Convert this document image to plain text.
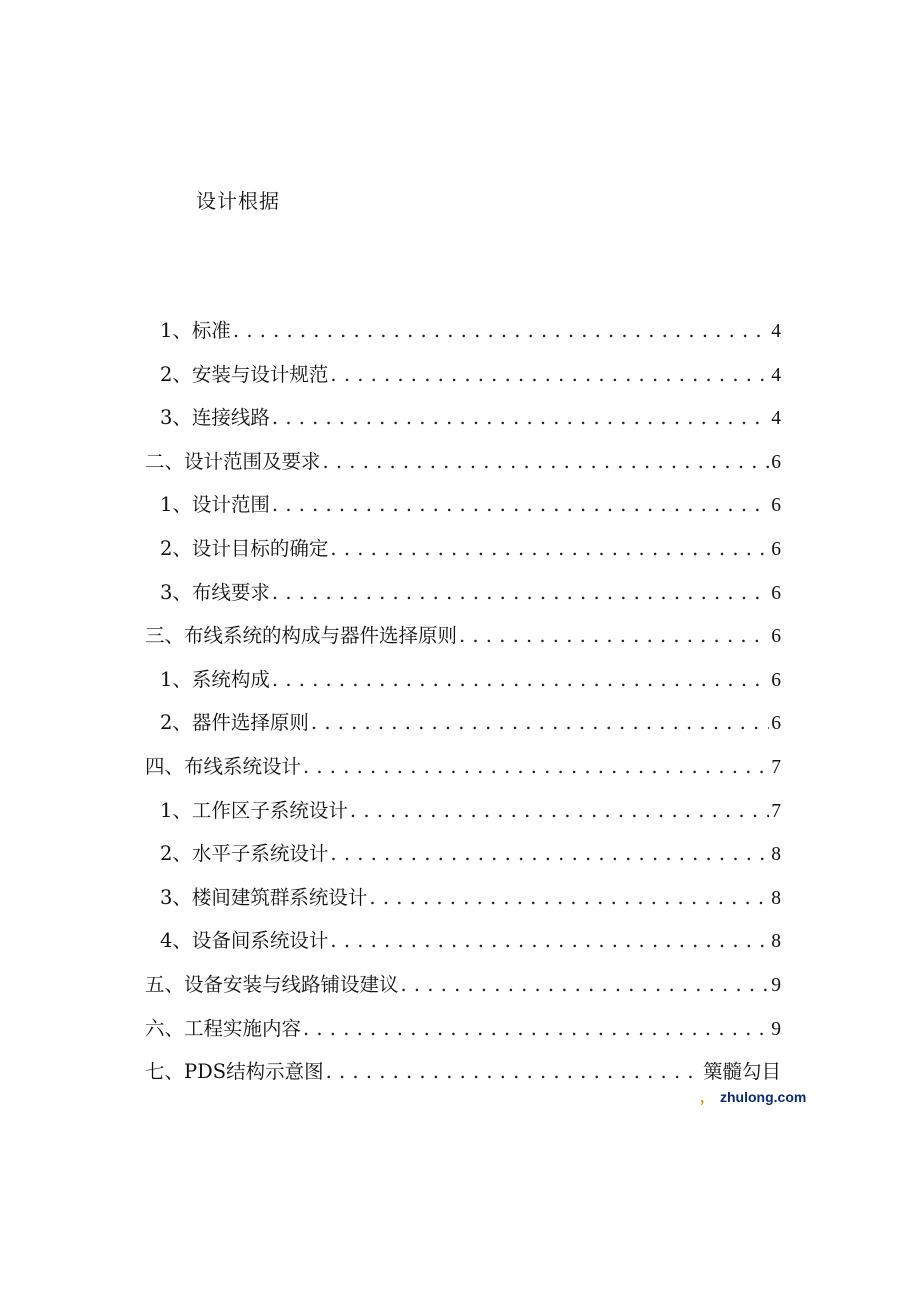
设计根据
1、标准 . . .	4
2、安装与设计规范 . . .	4
3、连接线路 . . .	4
二、设计范围及要求 . . .	6
1、设计范围 . . .	6
2、设计目标的确定 . . .	6
3、布线要求 . . .	6
三、布线系统的构成与器件选择原则 . . .	6
1、系统构成 . . .	6
2、器件选择原则 . . .	6
四、布线系统设计 . . .	7
1、工作区子系统设计 . . .	7
2、水平子系统设计 . . .	8
3、楼间建筑群系统设计 . . .	8
4、设备间系统设计 . . .	8
五、设备安装与线路铺设建议 . . .	9
六、工程实施内容 . . .	9
七、PDS结构示意图 . . .	篥髓勾目
， zhulong.com
